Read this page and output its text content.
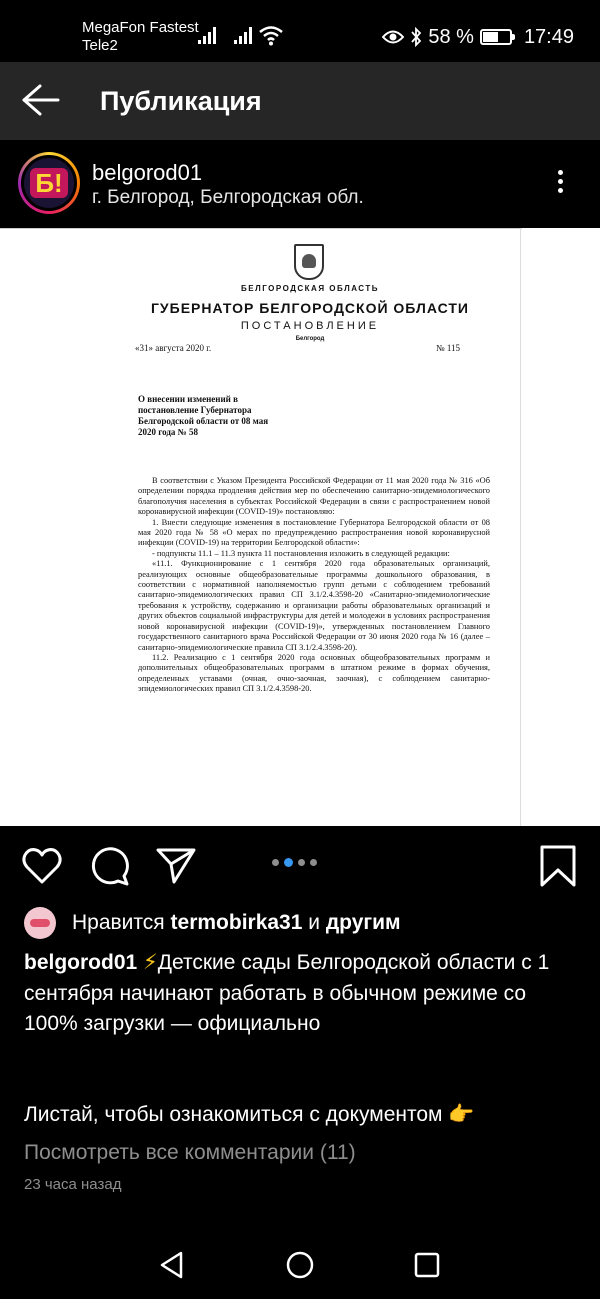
MegaFon Fastest
Tele2	58 %	17:49
Публикация
Б! belgorod01
г. Белгород, Белгородская обл.
БЕЛГОРОДСКАЯ ОБЛАСТЬ
ГУБЕРНАТОР БЕЛГОРОДСКОЙ ОБЛАСТИ
ПОСТАНОВЛЕНИЕ
Белгород
«31» августа 2020 г.	№ 115
О внесении изменений в постановление Губернатора Белгородской области от 08 мая 2020 года № 58

В соответствии с Указом Президента Российской Федерации от 11 мая 2020 года № 316 «Об определении порядка продления действия мер по обеспечению санитарно-эпидемиологического благополучия населения в субъектах Российской Федерации в связи с распространением новой коронавирусной инфекции (COVID-19)» постановляю:

1. Внести следующие изменения в постановление Губернатора Белгородской области от 08 мая 2020 года № 58 «О мерах по предупреждению распространения новой коронавирусной инфекции (COVID-19) на территории Белгородской области»:

- подпункты 11.1 – 11.3 пункта 11 постановления изложить в следующей редакции:

«11.1. Функционирование с 1 сентября 2020 года образовательных организаций, реализующих основные общеобразовательные программы дошкольного образования, в соответствии с нормативной наполняемостью групп детьми с соблюдением требований санитарно-эпидемиологических правил СП 3.1/2.4.3598-20 «Санитарно-эпидемиологические требования к устройству, содержанию и организации работы образовательных организаций и других объектов социальной инфраструктуры для детей и молодежи в условиях распространения новой коронавирусной инфекции (COVID-19)», утвержденных постановлением Главного государственного санитарного врача Российской Федерации от 30 июня 2020 года № 16 (далее – санитарно-эпидемиологические правила СП 3.1/2.4.3598-20).

11.2. Реализацию с 1 сентября 2020 года основных общеобразовательных программ и дополнительных общеобразовательных программ в штатном режиме в формах обучения, определенных уставами (очная, очно-заочная, заочная), с соблюдением санитарно-эпидемиологических правил СП 3.1/2.4.3598-20.

Нравится termobirka31 и другим
belgorod01 ⚡Детские сады Белгородской области с 1 сентября начинают работать в обычном режиме со 100% загрузки — официально
Листай, чтобы ознакомиться с документом 👉
Посмотреть все комментарии (11)
23 часа назад
